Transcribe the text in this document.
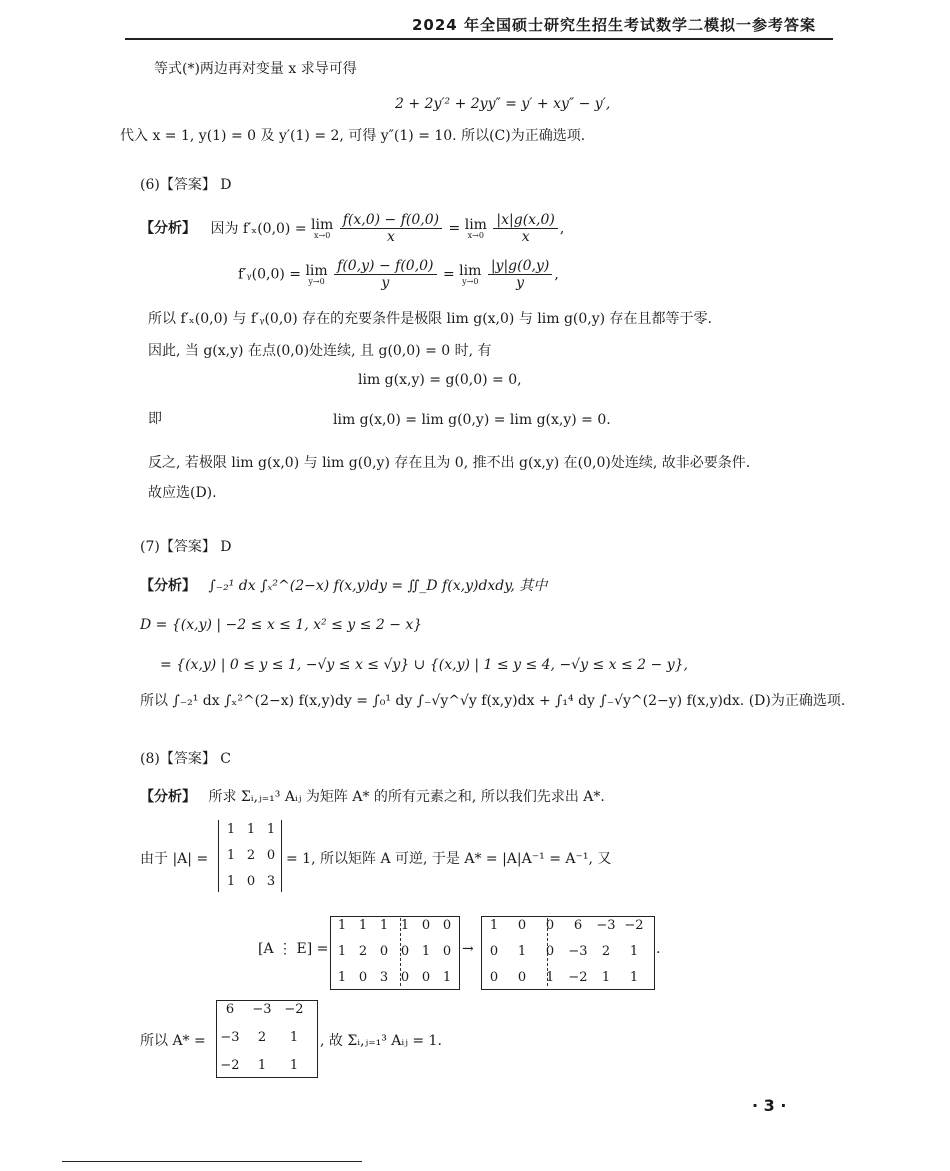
2024 年全国硕士研究生招生考试数学二模拟一参考答案
等式(*)两边再对变量 x 求导可得
2 + 2y′² + 2yy″ = y′ + xy″ − y′,
代入 x = 1, y(1) = 0 及 y′(1) = 2, 可得 y″(1) = 10. 所以(C)为正确选项.
(6)【答案】 D
【分析】 因为 f′ₓ(0,0) = lim
x→0
$\frac{f(x,0) - f(0,0)}{x} = \lim$
x→0
$\frac{|x|g(x,0)}{x}$ ,
f′ᵧ(0,0) = lim
y→0
$\frac{f(0,y) - f(0,0)}{y} = \lim$
y→0
$\frac{|y|g(0,y)}{y}$ ,
所以 f′ₓ(0,0) 与 f′ᵧ(0,0) 存在的充要条件是极限 lim g(x,0) 与 lim g(0,y) 存在且都等于零.
因此, 当 g(x,y) 在点(0,0)处连续, 且 g(0,0) = 0 时, 有
lim g(x,y) = g(0,0) = 0,
即	lim g(x,0) = lim g(0,y) = lim g(x,y) = 0.
反之, 若极限 lim g(x,0) 与 lim g(0,y) 存在且为 0, 推不出 g(x,y) 在(0,0)处连续, 故非必要条件.
故应选(D).
(7)【答案】 D
【分析】 ∫₋₂¹ dx ∫ₓ²^(2−x) f(x,y)dy = ∬_D f(x,y)dxdy, 其中
D = {(x,y) | −2 ≤ x ≤ 1, x² ≤ y ≤ 2 − x}
= {(x,y) | 0 ≤ y ≤ 1, −√y ≤ x ≤ √y} ∪ {(x,y) | 1 ≤ y ≤ 4, −√y ≤ x ≤ 2 − y},
所以 ∫₋₂¹ dx ∫ₓ²^(2−x) f(x,y)dy = ∫₀¹ dy ∫₋√y^√y f(x,y)dx + ∫₁⁴ dy ∫₋√y^(2−y) f(x,y)dx. (D)为正确选项.
(8)【答案】 C
【分析】 所求 Σᵢ,ⱼ₌₁³ Aᵢⱼ 为矩阵 A* 的所有元素之和, 所以我们先求出 A*.
由于 |A| =
1 1 1
1 2 0
1 0 3
= 1, 所以矩阵 A 可逆, 于是 A* = |A|A⁻¹ = A⁻¹, 又
[A ⋮ E] =
1 1 1 1 0 0
1 2 0 0 1 0
1 0 3 0 0 1
→
1	0	0	6	−3 −2
0	1	0	−3	2	1
0	0	1	−2	1	1
.
所以 A* =
6	−3 −2
−3	2	1
−2	1	1
, 故 Σᵢ,ⱼ₌₁³ Aᵢⱼ = 1.
· 3 ·
